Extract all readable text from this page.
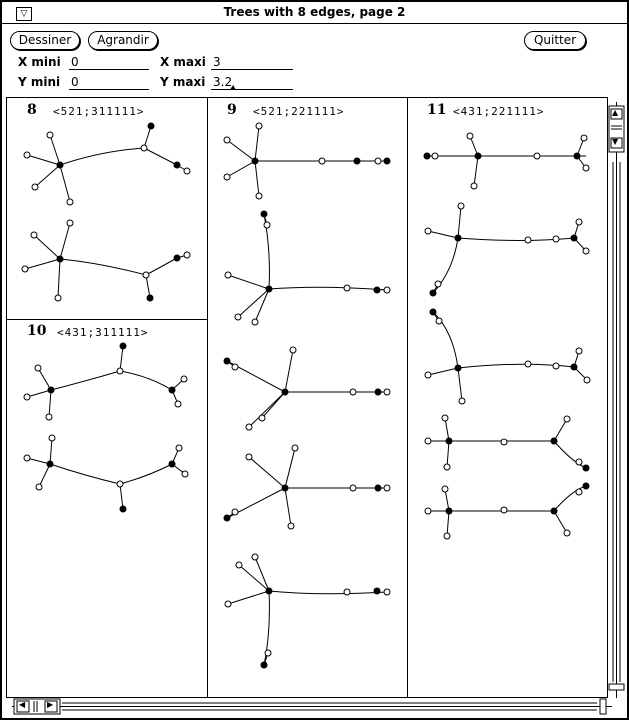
▽	Trees with 8 edges, page 2
Dessiner	Agrandir	Quitter
X mini 0	X maxi 3
Y mini 0	Y maxi 3.2
8 <521;311111>	9 <521;221111>
10 <431;311111>
11 <431;221111>	▲
▼
◀	▶
